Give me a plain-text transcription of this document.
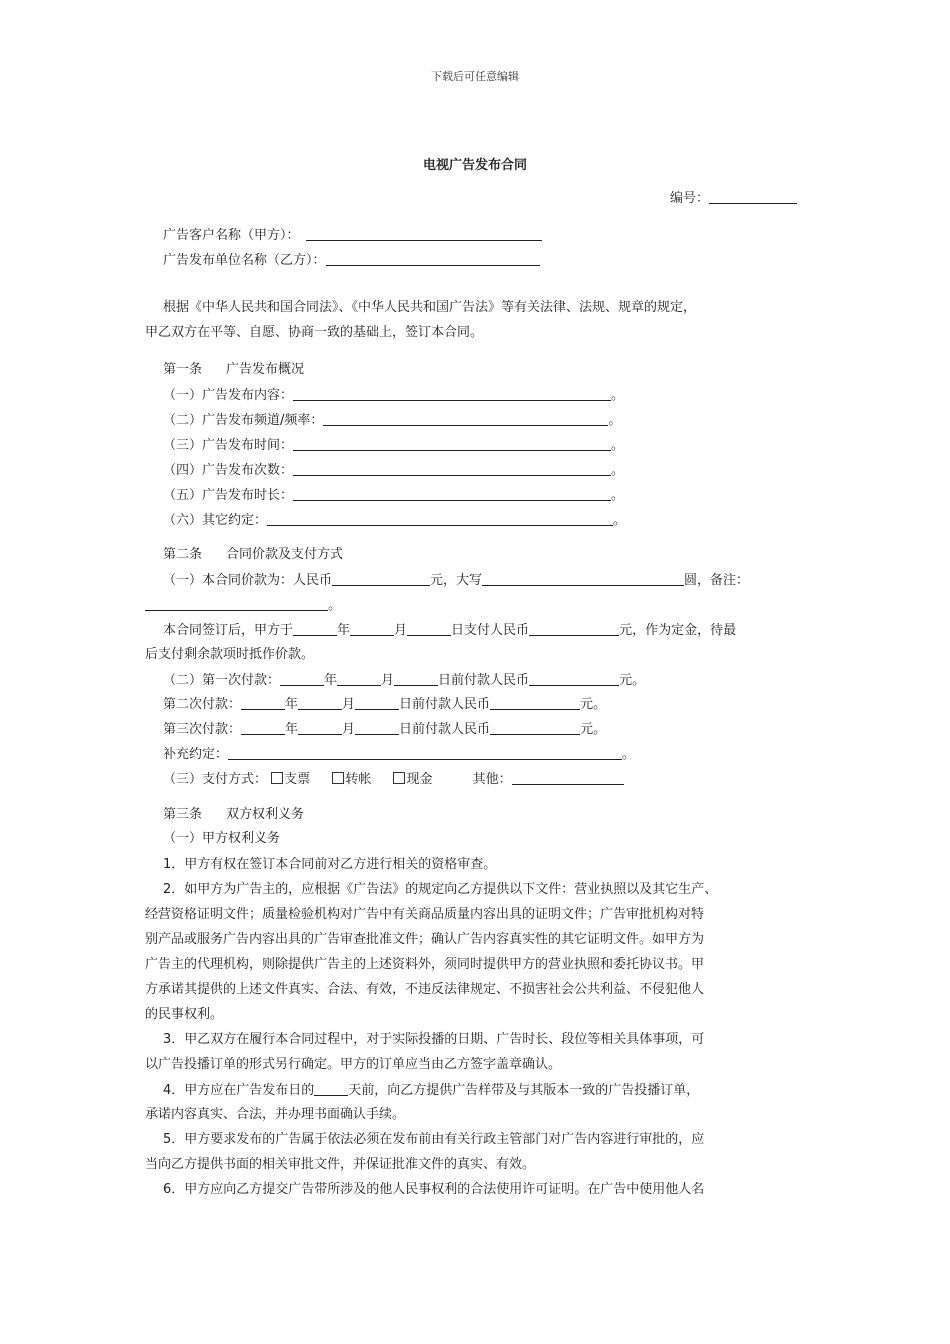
下载后可任意编辑
电视广告发布合同
编号：
广告客户名称（甲方）：
广告发布单位名称（乙方）：
根据《中华人民共和国合同法》、《中华人民共和国广告法》等有关法律、法规、规章的规定，
甲乙双方在平等、自愿、协商一致的基础上，签订本合同。
第一条 广告发布概况
（一）广告发布内容：	。
（二）广告发布频道/频率：	。
（三）广告发布时间：	。
（四）广告发布次数：	。
（五）广告发布时长：	。
（六）其它约定：	。
第二条 合同价款及支付方式
（一）本合同价款为：人民币	元，大写	圆，备注：
。
本合同签订后，甲方于	年	月	日支付人民币	元，作为定金，待最
后支付剩余款项时抵作价款。
（二）第一次付款：	年	月	日前付款人民币	元。
第二次付款：	年	月	日前付款人民币	元。
第三次付款：	年	月	日前付款人民币	元。
补充约定：	。
（三）支付方式： 支票	转帐	现金	其他：
第三条 双方权利义务
（一）甲方权利义务
1．甲方有权在签订本合同前对乙方进行相关的资格审查。
2．如甲方为广告主的，应根据《广告法》的规定向乙方提供以下文件：营业执照以及其它生产、
经营资格证明文件；质量检验机构对广告中有关商品质量内容出具的证明文件；广告审批机构对特
别产品或服务广告内容出具的广告审查批准文件；确认广告内容真实性的其它证明文件。如甲方为
广告主的代理机构，则除提供广告主的上述资料外，须同时提供甲方的营业执照和委托协议书。甲
方承诺其提供的上述文件真实、合法、有效，不违反法律规定、不损害社会公共利益、不侵犯他人
的民事权利。
3．甲乙双方在履行本合同过程中，对于实际投播的日期、广告时长、段位等相关具体事项，可
以广告投播订单的形式另行确定。甲方的订单应当由乙方签字盖章确认。
4．甲方应在广告发布日的	天前，向乙方提供广告样带及与其版本一致的广告投播订单，
承诺内容真实、合法，并办理书面确认手续。
5．甲方要求发布的广告属于依法必须在发布前由有关行政主管部门对广告内容进行审批的，应
当向乙方提供书面的相关审批文件，并保证批准文件的真实、有效。
6．甲方应向乙方提交广告带所涉及的他人民事权利的合法使用许可证明。在广告中使用他人名
